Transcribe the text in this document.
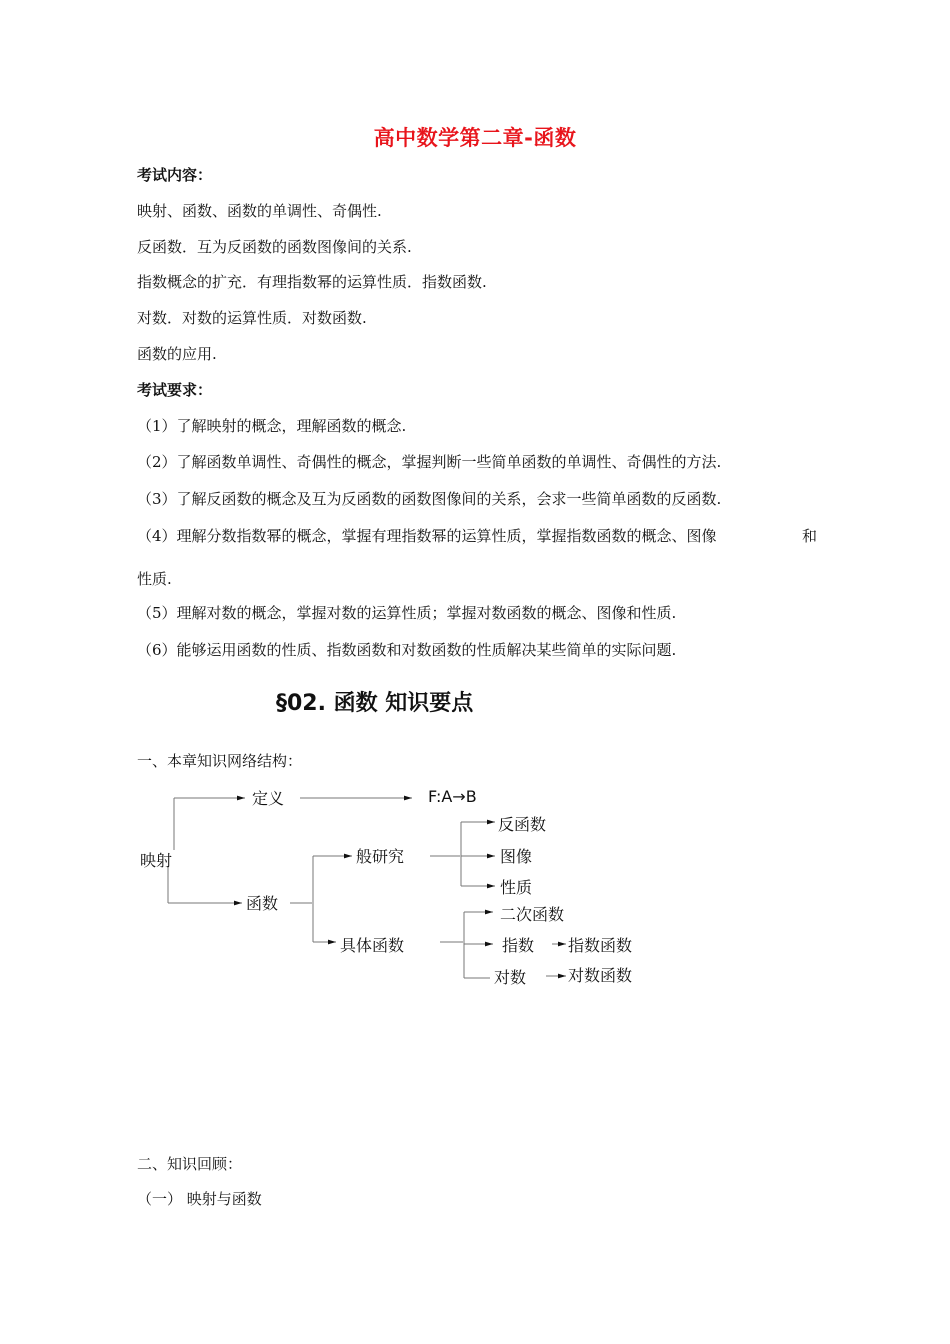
高中数学第二章-函数
考试内容：
映射、函数、函数的单调性、奇偶性.
反函数．互为反函数的函数图像间的关系.
指数概念的扩充．有理指数幂的运算性质．指数函数.
对数．对数的运算性质．对数函数.
函数的应用.
考试要求：
（1）了解映射的概念，理解函数的概念.
（2）了解函数单调性、奇偶性的概念，掌握判断一些简单函数的单调性、奇偶性的方法.
（3）了解反函数的概念及互为反函数的函数图像间的关系，会求一些简单函数的反函数.
（4）理解分数指数幂的概念，掌握有理指数幂的运算性质，掌握指数函数的概念、图像	和
性质.
（5）理解对数的概念，掌握对数的运算性质；掌握对数函数的概念、图像和性质.
（6）能够运用函数的性质、指数函数和对数函数的性质解决某些简单的实际问题.
§02. 函数 知识要点
一、本章知识网络结构：
映射
定义	F:A→B
函数
般研究
反函数
图像
性质
具体函数
二次函数
指数 指数函数
对数	对数函数
二、知识回顾：
（一） 映射与函数
